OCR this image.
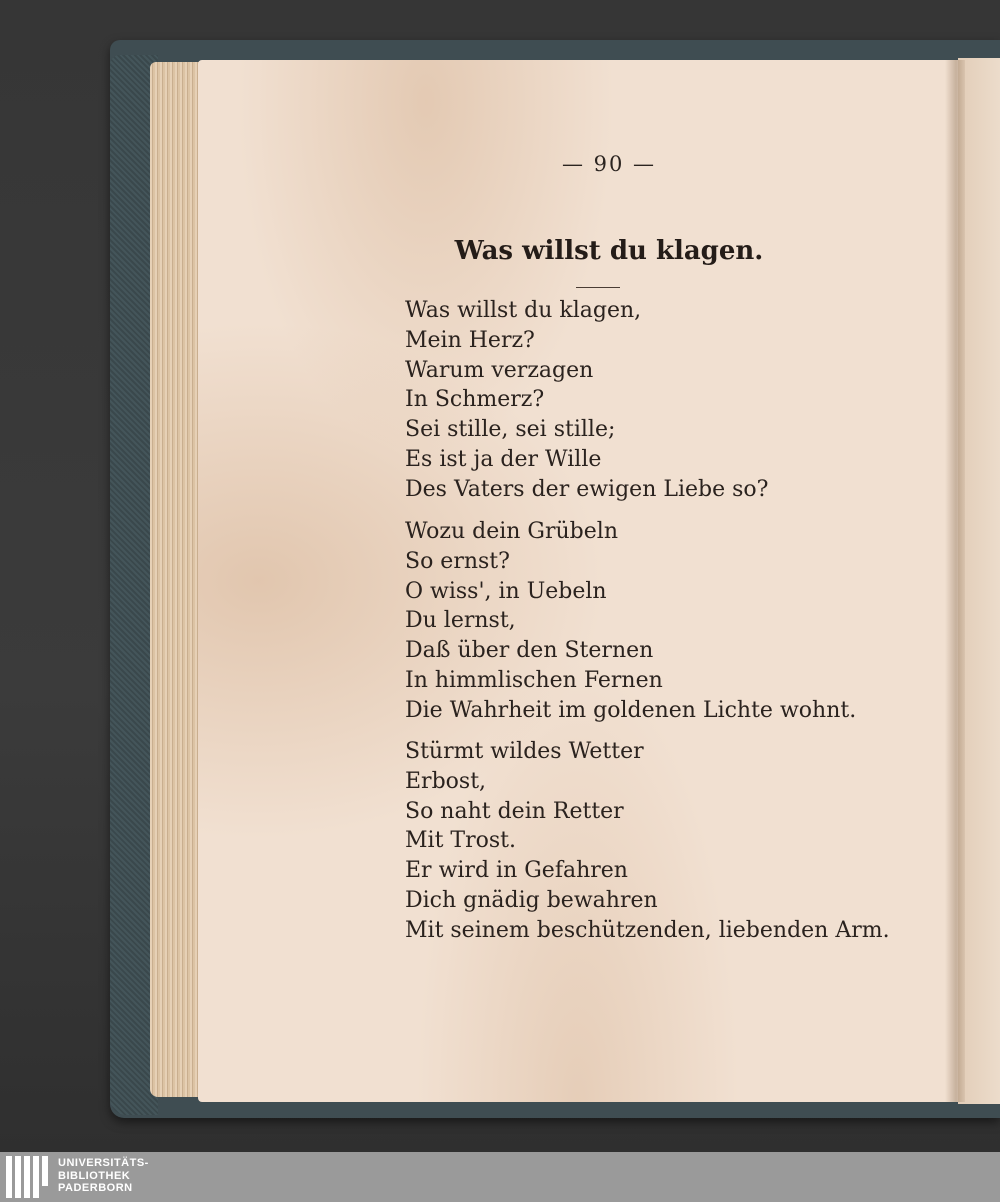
— 90 —
Was willst du klagen.
Was willst du klagen,
Mein Herz?
Warum verzagen
In Schmerz?
Sei stille, sei stille;
Es ist ja der Wille
Des Vaters der ewigen Liebe so?
Wozu dein Grübeln
So ernst?
O wiss', in Uebeln
Du lernst,
Daß über den Sternen
In himmlischen Fernen
Die Wahrheit im goldenen Lichte wohnt.
Stürmt wildes Wetter
Erbost,
So naht dein Retter
Mit Trost.
Er wird in Gefahren
Dich gnädig bewahren
Mit seinem beschützenden, liebenden Arm.
UNIVERSITÄTS-
BIBLIOTHEK
PADERBORN
